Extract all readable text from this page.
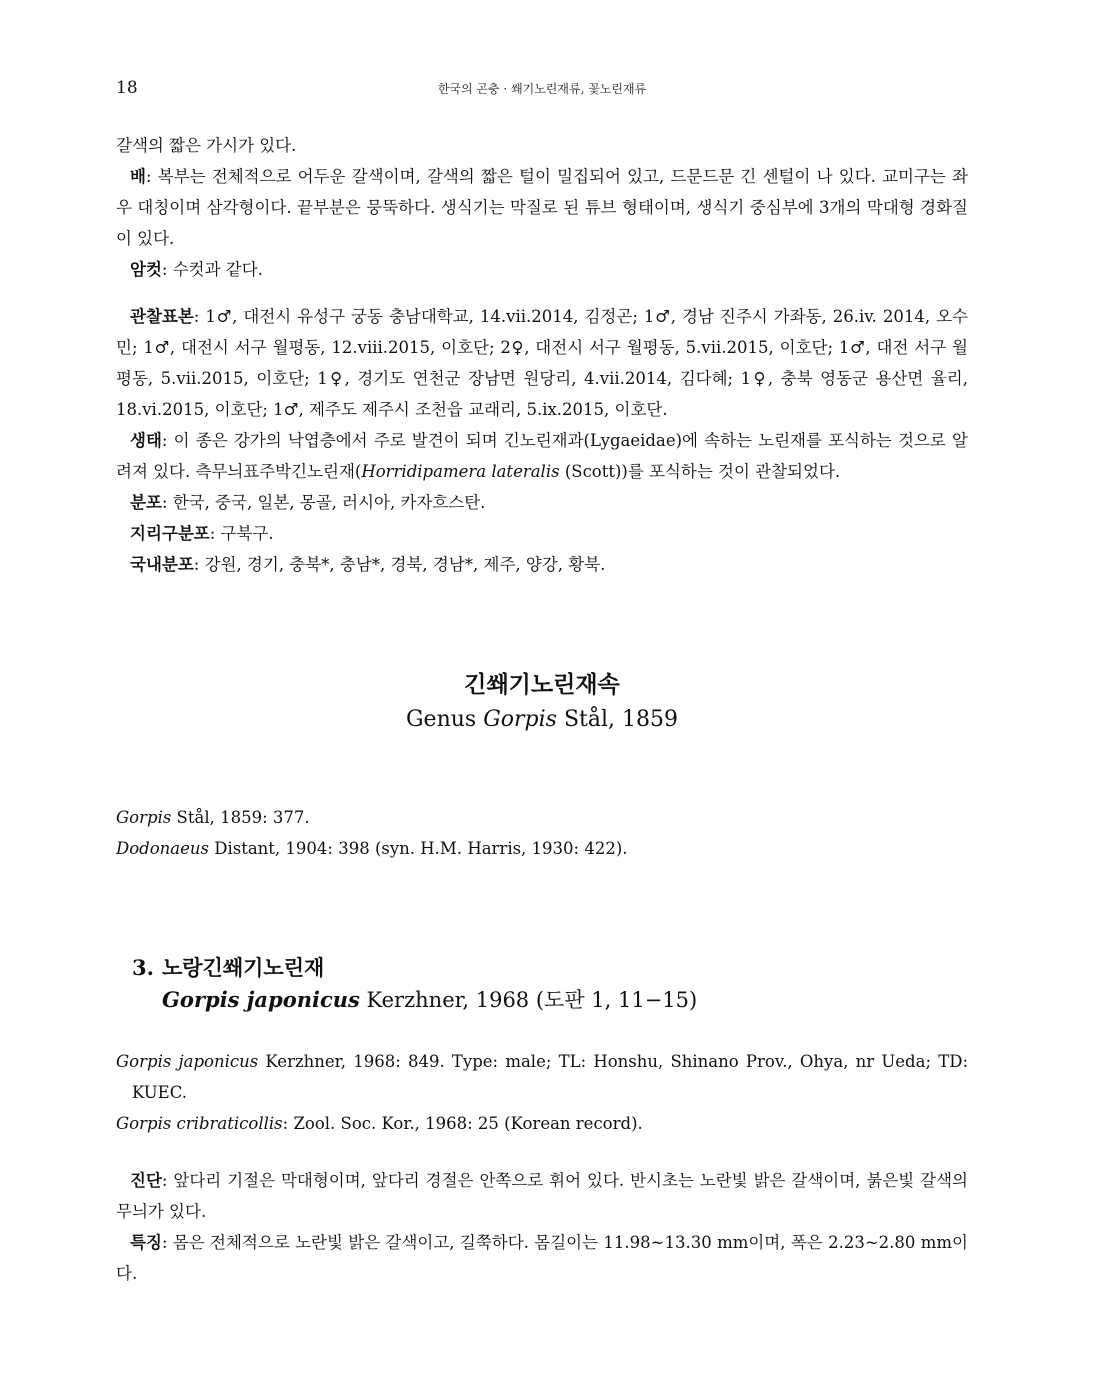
18	한국의 곤충 · 쐐기노린재류, 꽃노린재류

갈색의 짧은 가시가 있다.

배: 복부는 전체적으로 어두운 갈색이며, 갈색의 짧은 털이 밀집되어 있고, 드문드문 긴 센털이 나 있다. 교미구는 좌우 대칭이며 삼각형이다. 끝부분은 뭉뚝하다. 생식기는 막질로 된 튜브 형태이며, 생식기 중심부에 3개의 막대형 경화질이 있다.

암컷: 수컷과 같다.

관찰표본: 1♂, 대전시 유성구 궁동 충남대학교, 14.vii.2014, 김정곤; 1♂, 경남 진주시 가좌동, 26.iv. 2014, 오수민; 1♂, 대전시 서구 월평동, 12.viii.2015, 이호단; 2♀, 대전시 서구 월평동, 5.vii.2015, 이호단; 1♂, 대전 서구 월평동, 5.vii.2015, 이호단; 1♀, 경기도 연천군 장남면 원당리, 4.vii.2014, 김다혜; 1♀, 충북 영동군 용산면 율리, 18.vi.2015, 이호단; 1♂, 제주도 제주시 조천읍 교래리, 5.ix.2015, 이호단.

생태: 이 종은 강가의 낙엽층에서 주로 발견이 되며 긴노린재과(Lygaeidae)에 속하는 노린재를 포식하는 것으로 알려져 있다. 측무늬표주박긴노린재(Horridipamera lateralis (Scott))를 포식하는 것이 관찰되었다.

분포: 한국, 중국, 일본, 몽골, 러시아, 카자흐스탄.

지리구분포: 구북구.

국내분포: 강원, 경기, 충북*, 충남*, 경북, 경남*, 제주, 양강, 황북.

긴쐐기노린재속

Genus Gorpis Stål, 1859

Gorpis Stål, 1859: 377.

Dodonaeus Distant, 1904: 398 (syn. H.M. Harris, 1930: 422).

3. 노랑긴쐐기노린재
Gorpis japonicus Kerzhner, 1968 (도판 1, 11−15)

Gorpis japonicus Kerzhner, 1968: 849. Type: male; TL: Honshu, Shinano Prov., Ohya, nr Ueda; TD: KUEC.

Gorpis cribraticollis: Zool. Soc. Kor., 1968: 25 (Korean record).

진단: 앞다리 기절은 막대형이며, 앞다리 경절은 안쪽으로 휘어 있다. 반시초는 노란빛 밝은 갈색이며, 붉은빛 갈색의 무늬가 있다.

특징: 몸은 전체적으로 노란빛 밝은 갈색이고, 길쭉하다. 몸길이는 11.98~13.30 mm이며, 폭은 2.23~2.80 mm이다.
